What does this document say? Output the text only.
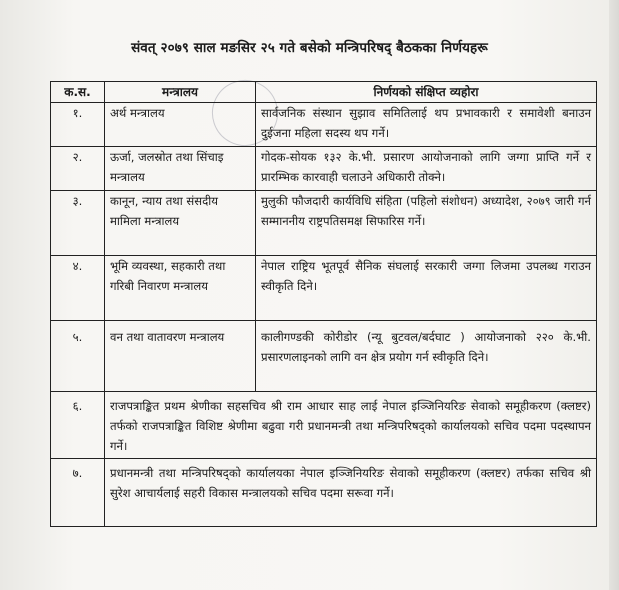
संवत् २०७९ साल मङसिर २५ गते बसेको मन्त्रिपरिषद् बैठकका निर्णयहरू
क.स.	मन्त्रालय	निर्णयको संक्षिप्त व्यहोरा
१.	अर्थ मन्त्रालय	सार्वजनिक संस्थान सुझाव समितिलाई थप प्रभावकारी र समावेशी बनाउन दुईजना महिला सदस्य थप गर्ने।
२.	ऊर्जा, जलस्रोत तथा सिंचाइ मन्त्रालय	गोदक-सोयक १३२ के.भी. प्रसारण आयोजनाको लागि जग्गा प्राप्ति गर्ने र प्रारम्भिक कारवाही चलाउने अधिकारी तोक्ने।
३.	कानून, न्याय तथा संसदीय मामिला मन्त्रालय	मुलुकी फौजदारी कार्यविधि संहिता (पहिलो संशोधन) अध्यादेश, २०७९ जारी गर्न सम्माननीय राष्ट्रपतिसमक्ष सिफारिस गर्ने।
४.	भूमि व्यवस्था, सहकारी तथा गरिबी निवारण मन्त्रालय	नेपाल राष्ट्रिय भूतपूर्व सैनिक संघलाई सरकारी जग्गा लिजमा उपलब्ध गराउन स्वीकृति दिने।
५.	वन तथा वातावरण मन्त्रालय	कालीगण्डकी कोरीडोर (न्यू बुटवल/बर्दघाट ) आयोजनाको २२० के.भी. प्रसारणलाइनको लागि वन क्षेत्र प्रयोग गर्न स्वीकृति दिने।
६.	राजपत्राङ्कित प्रथम श्रेणीका सहसचिव श्री राम आधार साह लाई नेपाल इञ्जिनियरिङ सेवाको समूहीकरण (क्लष्टर) तर्फको राजपत्राङ्कित विशिष्ट श्रेणीमा बढुवा गरी प्रधानमन्त्री तथा मन्त्रिपरिषद्को कार्यालयको सचिव पदमा पदस्थापन गर्ने।	
७.	प्रधानमन्त्री तथा मन्त्रिपरिषद्को कार्यालयका नेपाल इञ्जिनियरिङ सेवाको समूहीकरण (क्लष्टर) तर्फका सचिव श्री सुरेश आचार्यलाई सहरी विकास मन्त्रालयको सचिव पदमा सरूवा गर्ने।	
